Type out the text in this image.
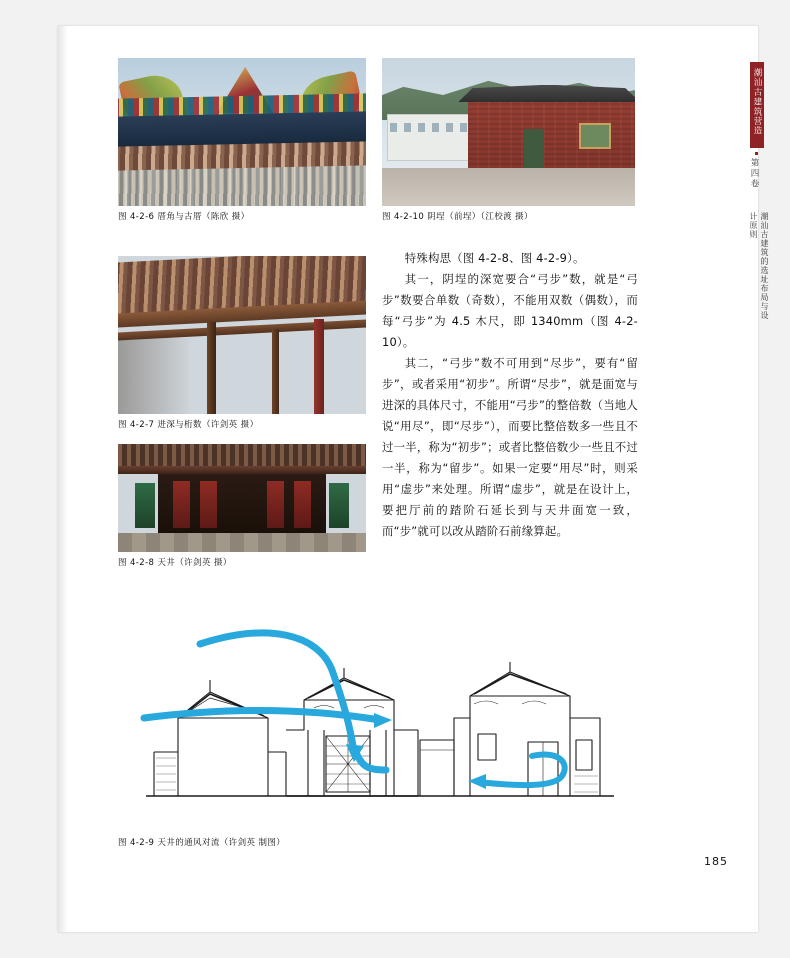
潮汕古建筑营造
第四卷
潮汕古建筑的选址布局与设计原则
图 4-2-6 厝角与古厝（陈欣 摄）	图 4-2-10 阴埕（前埕）（江校渡 摄）
图 4-2-7 进深与桁数（许剑英 摄）
图 4-2-8 天井（许剑英 摄）
图 4-2-9 天井的通风对流（许剑英 制图）

特殊构思（图 4-2-8、图 4-2-9）。

其一，阴埕的深宽要合“弓步”数，就是“弓步”数要合单数（奇数），不能用双数（偶数），而每“弓步”为 4.5 木尺，即 1340mm（图 4-2-10）。

其二，“弓步”数不可用到“尽步”，要有“留步”，或者采用“初步”。所谓“尽步”，就是面宽与进深的具体尺寸，不能用“弓步”的整倍数（当地人说“用尽”，即“尽步”），而要比整倍数多一些且不过一半，称为“初步”；或者比整倍数少一些且不过一半，称为“留步”。如果一定要“用尽”时，则采用“虚步”来处理。所谓“虚步”，就是在设计上，要把厅前的踏阶石延长到与天井面宽一致，而“步”就可以改从踏阶石前缘算起。

185
